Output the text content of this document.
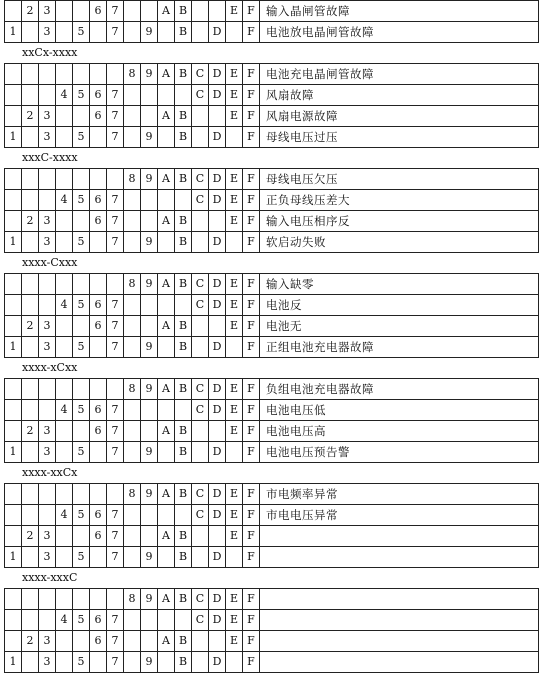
	2	3			6	7			A	B			E	F	输入晶闸管故障
1		3		5		7		9		B		D		F	电池放电晶闸管故障
xxCx-xxxx
							8	9	A	B	C	D	E	F	电池充电晶闸管故障
			4	5	6	7					C	D	E	F	风扇故障
	2	3			6	7			A	B			E	F	风扇电源故障
1		3		5		7		9		B		D		F	母线电压过压
xxxC-xxxx
							8	9	A	B	C	D	E	F	母线电压欠压
			4	5	6	7					C	D	E	F	正负母线压差大
	2	3			6	7			A	B			E	F	输入电压相序反
1		3		5		7		9		B		D		F	软启动失败
xxxx-Cxxx
							8	9	A	B	C	D	E	F	输入缺零
			4	5	6	7					C	D	E	F	电池反
	2	3			6	7			A	B			E	F	电池无
1		3		5		7		9		B		D		F	正组电池充电器故障
xxxx-xCxx
							8	9	A	B	C	D	E	F	负组电池充电器故障
			4	5	6	7					C	D	E	F	电池电压低
	2	3			6	7			A	B			E	F	电池电压高
1		3		5		7		9		B		D		F	电池电压预告警
xxxx-xxCx
							8	9	A	B	C	D	E	F	市电频率异常
			4	5	6	7					C	D	E	F	市电电压异常
	2	3			6	7			A	B			E	F	
1		3		5		7		9		B		D		F	
xxxx-xxxC
							8	9	A	B	C	D	E	F	
			4	5	6	7					C	D	E	F	
	2	3			6	7			A	B			E	F	
1		3		5		7		9		B		D		F	
